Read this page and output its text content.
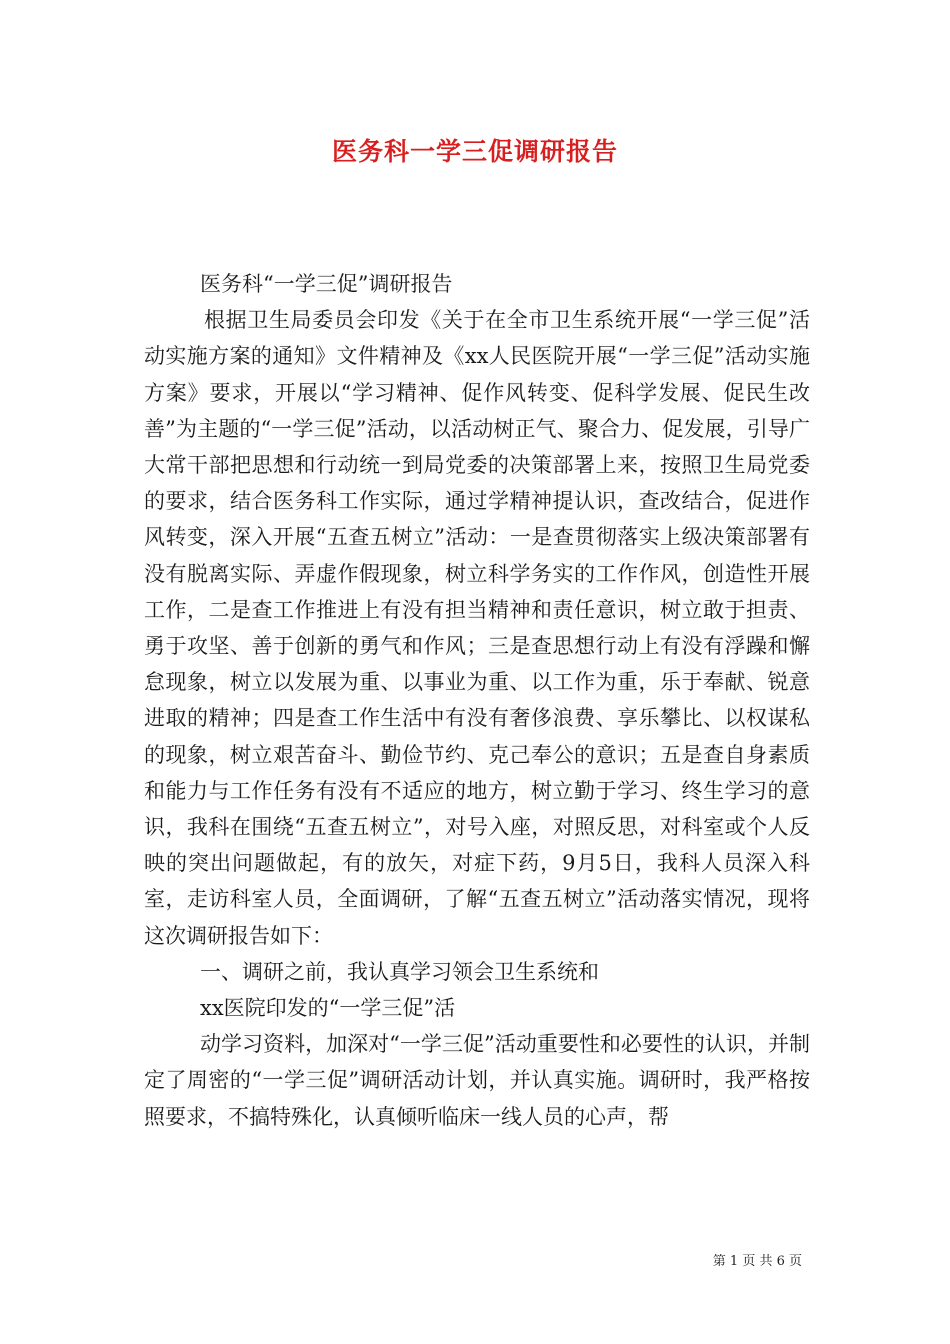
医务科一学三促调研报告

医务科“一学三促”调研报告

根据卫生局委员会印发《关于在全市卫生系统开展“一学三促”活动实施方案的通知》文件精神及《xx人民医院开展“一学三促”活动实施方案》要求，开展以“学习精神、促作风转变、促科学发展、促民生改善”为主题的“一学三促”活动，以活动树正气、聚合力、促发展，引导广大常干部把思想和行动统一到局党委的决策部署上来，按照卫生局党委的要求，结合医务科工作实际，通过学精神提认识，查改结合，促进作风转变，深入开展“五查五树立”活动：一是查贯彻落实上级决策部署有没有脱离实际、弄虚作假现象，树立科学务实的工作作风，创造性开展工作，二是查工作推进上有没有担当精神和责任意识，树立敢于担责、勇于攻坚、善于创新的勇气和作风；三是查思想行动上有没有浮躁和懈怠现象，树立以发展为重、以事业为重、以工作为重，乐于奉献、锐意进取的精神；四是查工作生活中有没有奢侈浪费、享乐攀比、以权谋私的现象，树立艰苦奋斗、勤俭节约、克己奉公的意识；五是查自身素质和能力与工作任务有没有不适应的地方，树立勤于学习、终生学习的意识，我科在围绕“五查五树立”，对号入座，对照反思，对科室或个人反映的突出问题做起，有的放矢，对症下药，9月5日，我科人员深入科室，走访科室人员，全面调研，了解“五查五树立”活动落实情况，现将这次调研报告如下：

一、调研之前，我认真学习领会卫生系统和

xx医院印发的“一学三促”活

动学习资料，加深对“一学三促”活动重要性和必要性的认识，并制定了周密的“一学三促”调研活动计划，并认真实施。调研时，我严格按照要求，不搞特殊化，认真倾听临床一线人员的心声，帮

第 1 页 共 6 页
